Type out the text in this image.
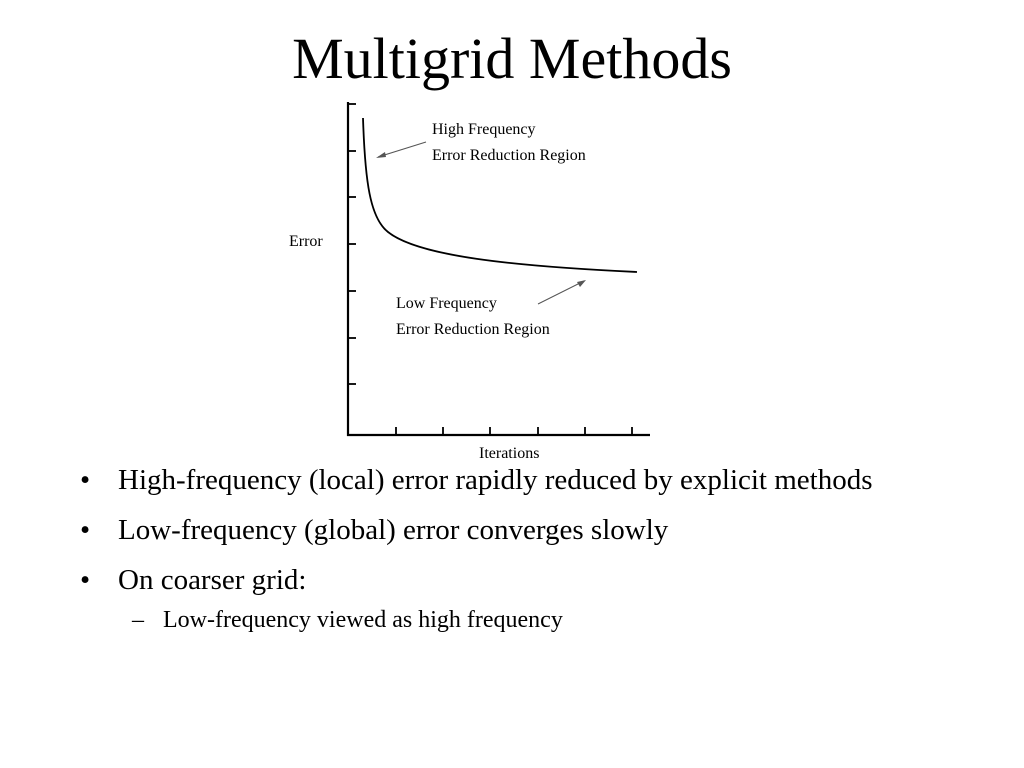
Multigrid Methods
High Frequency
Error Reduction Region
Low Frequency
Error Reduction Region
Error
Iterations
• High-frequency (local) error rapidly reduced by explicit methods
• Low-frequency (global) error converges slowly
• On coarser grid:
– Low-frequency viewed as high frequency
